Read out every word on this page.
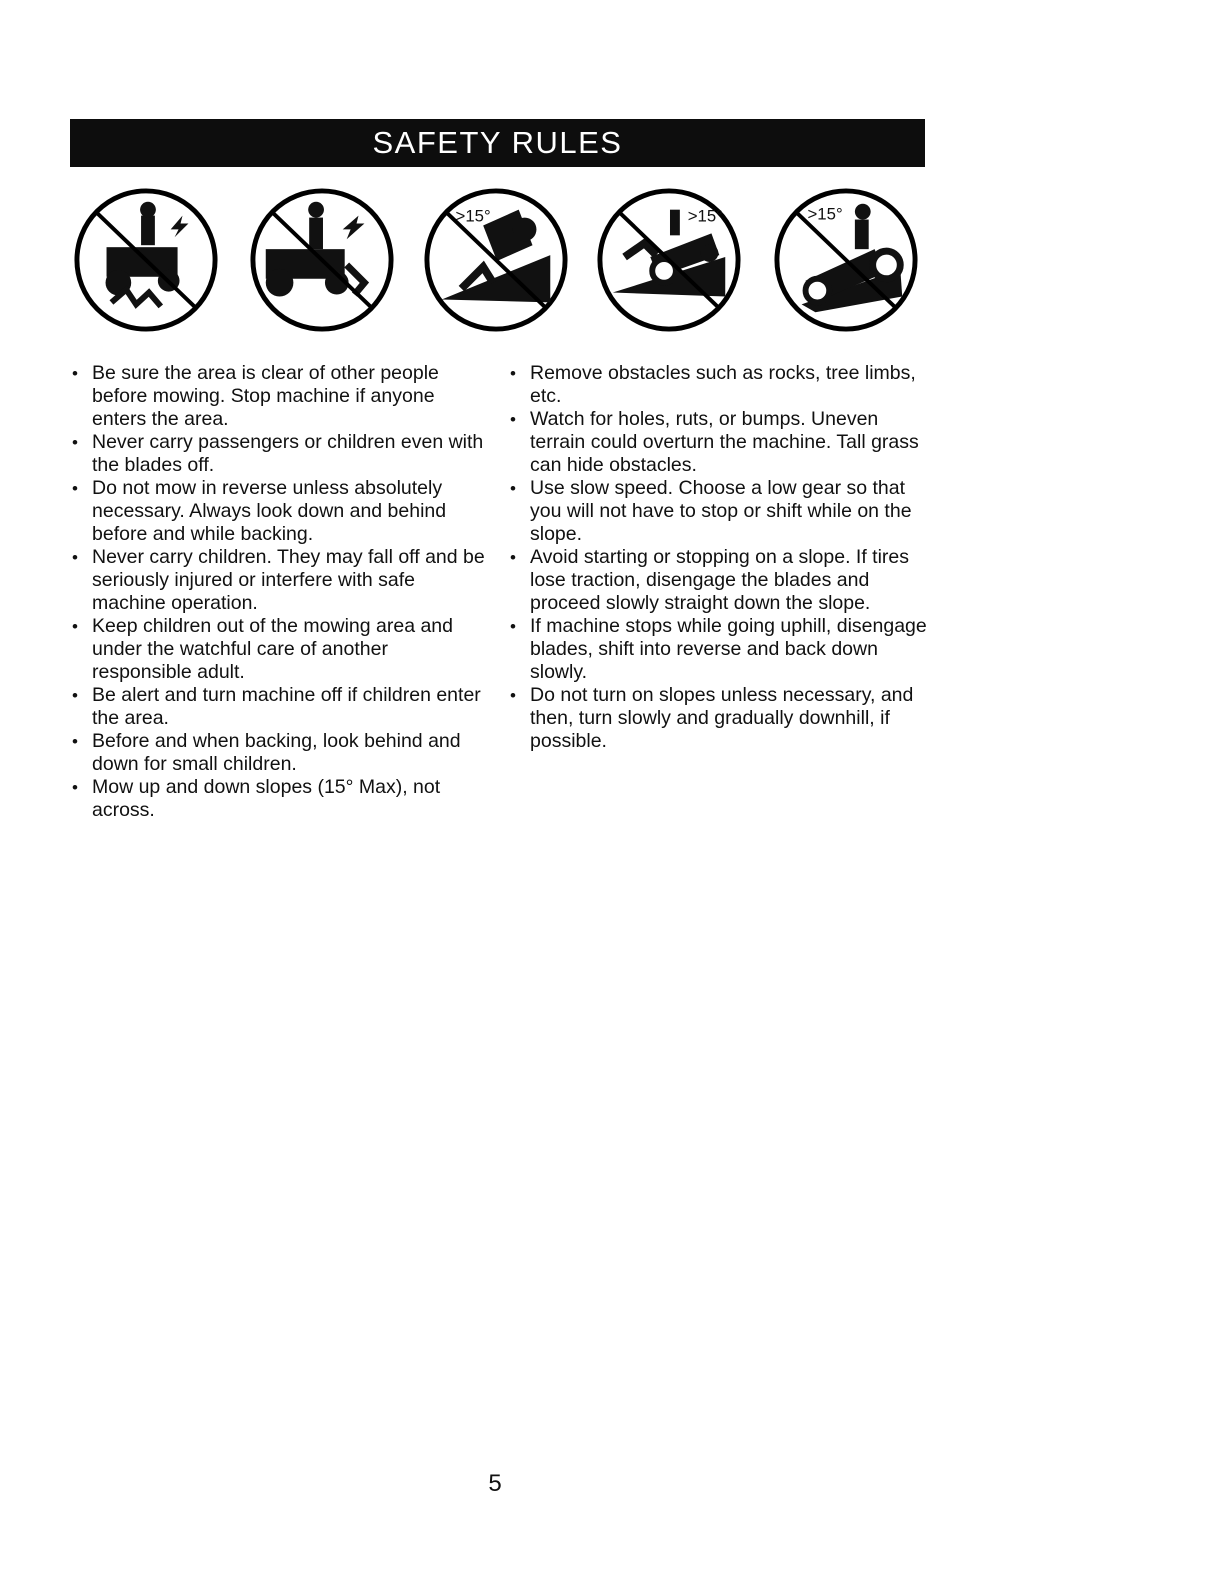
SAFETY RULES
>15°	>15°	>15°
• Be sure the area is clear of other people before mowing. Stop machine if anyone enters the area.
• Never carry passengers or children even with the blades off.
• Do not mow in reverse unless absolutely necessary. Always look down and behind before and while backing.
• Never carry children. They may fall off and be seriously injured or interfere with safe machine operation.
• Keep children out of the mowing area and under the watchful care of another responsible adult.
• Be alert and turn machine off if children enter the area.
• Before and when backing, look behind and down for small children.
• Mow up and down slopes (15° Max), not across.
• Remove obstacles such as rocks, tree limbs, etc.
• Watch for holes, ruts, or bumps. Uneven terrain could overturn the machine. Tall grass can hide obstacles.
• Use slow speed. Choose a low gear so that you will not have to stop or shift while on the slope.
• Avoid starting or stopping on a slope. If tires lose traction, disengage the blades and proceed slowly straight down the slope.
• If machine stops while going uphill, disengage blades, shift into reverse and back down slowly.
• Do not turn on slopes unless necessary, and then, turn slowly and gradually downhill, if possible.
5
